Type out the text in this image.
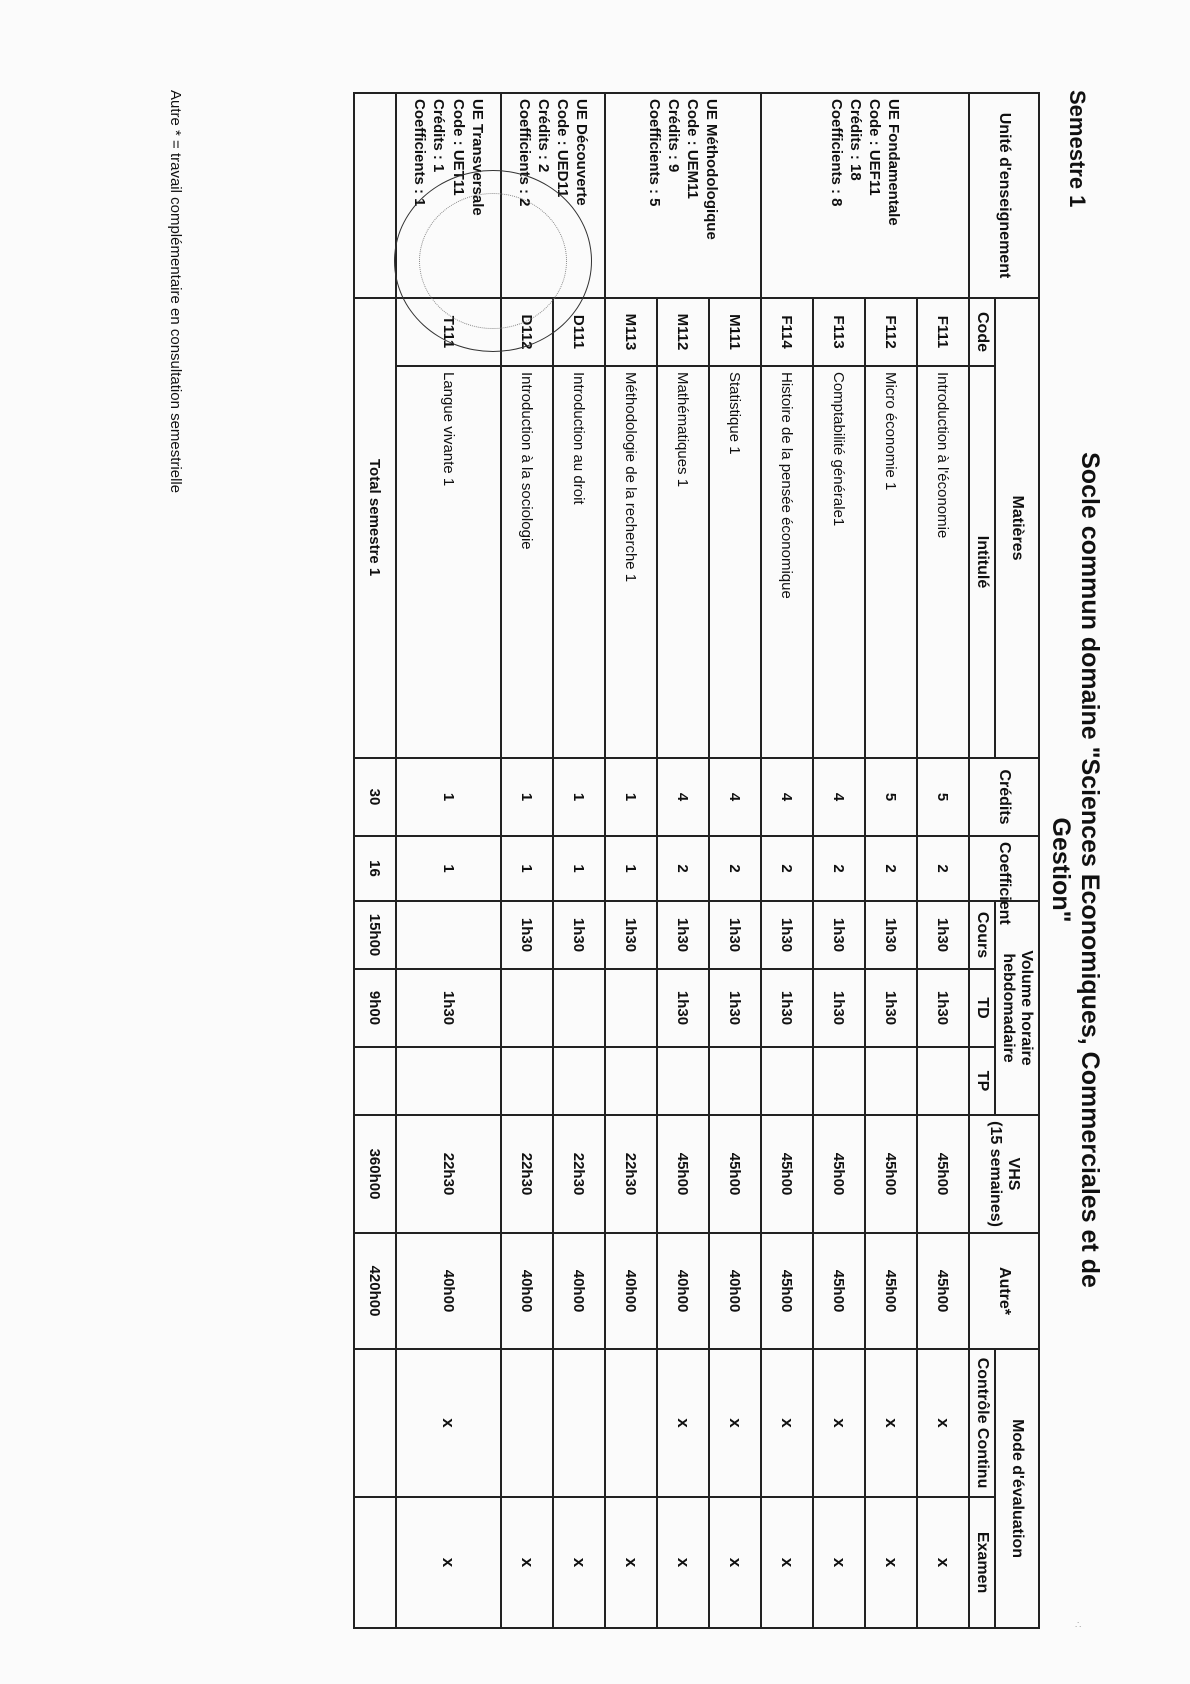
Socle commun domaine "Sciences Economiques, Commerciales et de Gestion"
Unité d'enseignement	Matières		Crédits	Coefficient	Volume horaire hebdomadaire			VHS
(15 semaines)	Autre*	Mode d'évaluation	
	Code	Intitulé			Cours	TD	TP			Contrôle Continu	Examen

UE Fondamentale
Code : UEF11
Crédits : 18
Coefficients : 8	F111	Introduction à l'économie	5	2	1h30	1h30		45h00	45h00	x	x
	F112	Micro économie 1	5	2	1h30	1h30		45h00	45h00	x	x
	F113	Comptabilité générale1	4	2	1h30	1h30		45h00	45h00	x	x
	F114	Histoire de la pensée économique	4	2	1h30	1h30		45h00	45h00	x	x

UE Méthodologique
Code : UEM11
Crédits : 9
Coefficients : 5	M111	Statistique 1	4	2	1h30	1h30		45h00	40h00	x	x
	M112	Mathématiques 1	4	2	1h30	1h30		45h00	40h00	x	x
	M113	Méthodologie de la recherche 1	1	1	1h30			22h30	40h00		x

UE Découverte
Code : UED11
Crédits : 2
Coefficients : 2	D111	Introduction au droit	1	1	1h30			22h30	40h00		x
	D112	Introduction à la sociologie	1	1	1h30			22h30	40h00		x

UE Transversale
Code : UET11
Crédits : 1
Coefficients : 1	T111	Langue vivante 1	1	1		1h30		22h30	40h00	x	x
	Total semestre 1		30	16	15h00	9h00		360h00	420h00		
Autre * = travail complémentaire en consultation semestrielle	Semestre 1
∴
